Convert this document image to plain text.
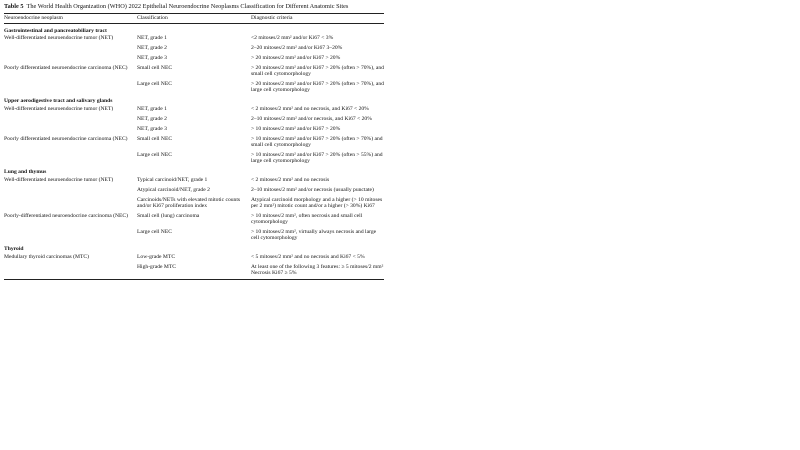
Table 5 The World Health Organization (WHO) 2022 Epithelial Neuroendocrine Neoplasms Classification for Different Anatomic Sites
Neuroendocrine neoplasm	Classification	Diagnostic criteria
Gastrointestinal and pancreatobiliary tract		
Well-differentiated neuroendocrine tumor (NET)	NET, grade 1	<2 mitoses/2 mm² and/or Ki67 < 3%
	NET, grade 2	2–20 mitoses/2 mm² and/or Ki67 3–20%
	NET, grade 3	> 20 mitoses/2 mm² and/or Ki67 > 20%
Poorly differentiated neuroendocrine carcinoma (NEC)	Small cell NEC	> 20 mitoses/2 mm² and/or Ki67 > 20% (often > 70%), and small cell cytomorphology
	Large cell NEC	> 20 mitoses/2 mm² and/or Ki67 > 20% (often > 70%), and large cell cytomorphology
Upper aerodigestive tract and salivary glands		
Well-differentiated neuroendocrine tumor (NET)	NET, grade 1	< 2 mitoses/2 mm² and no necrosis, and Ki67 < 20%
	NET, grade 2	2–10 mitoses/2 mm² and/or necrosis, and Ki67 < 20%
	NET, grade 3	> 10 mitoses/2 mm² and/or Ki67 > 20%
Poorly differentiated neuroendocrine carcinoma (NEC)	Small cell NEC	> 10 mitoses/2 mm² and/or Ki67 > 20% (often > 70%) and small cell cytomorphology
	Large cell NEC	> 10 mitoses/2 mm² and/or Ki67 > 20% (often > 55%) and large cell cytomorphology
Lung and thymus		
Well-differentiated neuroendocrine tumor (NET)	Typical carcinoid/NET, grade 1	< 2 mitoses/2 mm² and no necrosis
	Atypical carcinoid/NET, grade 2	2–10 mitoses/2 mm² and/or necrosis (usually punctate)
	Carcinoids/NETs with elevated mitotic counts and/or Ki67 proliferation index	Atypical carcinoid morphology and a higher (> 10 mitoses per 2 mm²) mitotic count and/or a higher (> 30%) Ki67
Poorly-differentiated neuroendocrine carcinoma (NEC)	Small cell (lung) carcinoma	> 10 mitoses/2 mm², often necrosis and small cell cytomorphology
	Large cell NEC	> 10 mitoses/2 mm², virtually always necrosis and large cell cytomorphology
Thyroid		
Medullary thyroid carcinomas (MTC)	Low-grade MTC	< 5 mitoses/2 mm² and no necrosis and Ki67 < 5%
	High-grade MTC	At least one of the following 3 features: ≥ 5 mitoses/2 mm² Necrosis Ki67 ≥ 5%
